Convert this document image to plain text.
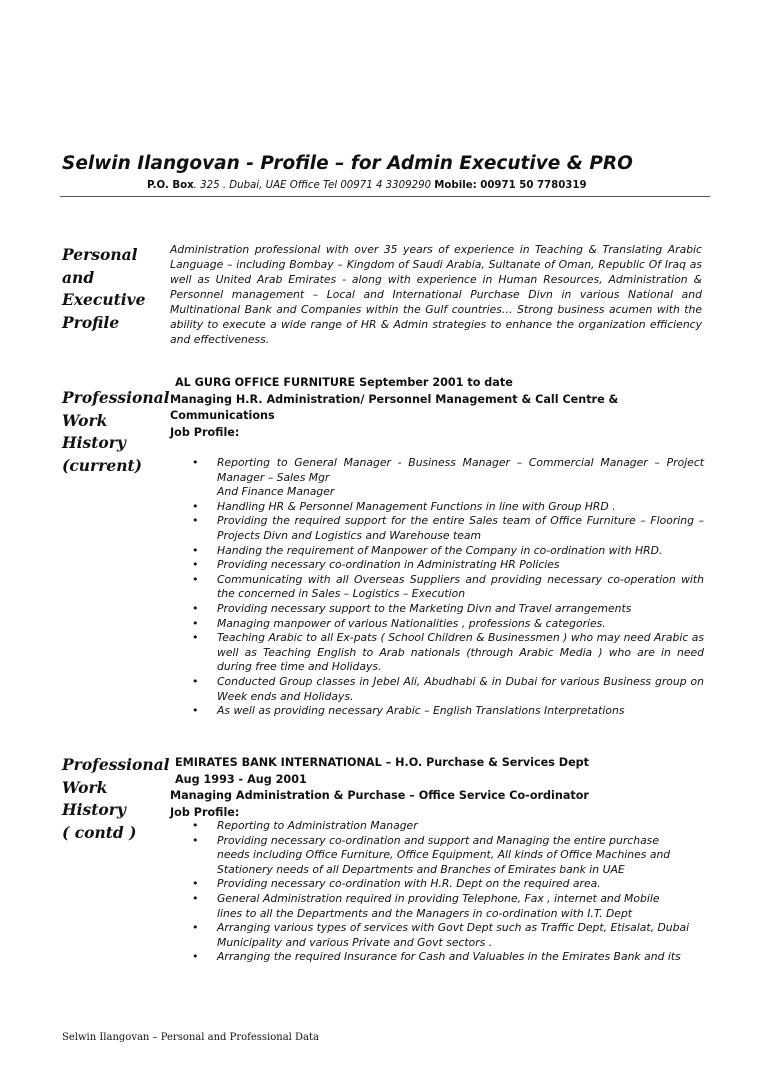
Selwin Ilangovan - Profile – for Admin Executive & PRO
P.O. Box. 325 . Dubai, UAE Office Tel 00971 4 3309290 Mobile: 00971 50 7780319
Personal
and
Executive
Profile
Administration professional with over 35 years of experience in Teaching & Translating Arabic Language – including Bombay – Kingdom of Saudi Arabia, Sultanate of Oman, Republic Of Iraq as well as United Arab Emirates - along with experience in Human Resources, Administration & Personnel management – Local and International Purchase Divn in various National and Multinational Bank and Companies within the Gulf countries… Strong business acumen with the ability to execute a wide range of HR & Admin strategies to enhance the organization efficiency and effectiveness.
Professional
Work
History
(current)
AL GURG OFFICE FURNITURE September 2001 to date
Managing H.R. Administration/ Personnel Management & Call Centre &
Communications
Job Profile:
• Reporting to General Manager - Business Manager – Commercial Manager – Project Manager – Sales Mgr
And Finance Manager
• Handling HR & Personnel Management Functions in line with Group HRD .
• Providing the required support for the entire Sales team of Office Furniture – Flooring – Projects Divn and Logistics and Warehouse team
• Handing the requirement of Manpower of the Company in co-ordination with HRD.
• Providing necessary co-ordination in Administrating HR Policies
• Communicating with all Overseas Suppliers and providing necessary co-operation with the concerned in Sales – Logistics – Execution
• Providing necessary support to the Marketing Divn and Travel arrangements
• Managing manpower of various Nationalities , professions & categories.
• Teaching Arabic to all Ex-pats ( School Children & Businessmen ) who may need Arabic as well as Teaching English to Arab nationals (through Arabic Media ) who are in need during free time and Holidays.
• Conducted Group classes in Jebel Ali, Abudhabi & in Dubai for various Business group on Week ends and Holidays.
• As well as providing necessary Arabic – English Translations Interpretations
Professional
Work
History
( contd )
EMIRATES BANK INTERNATIONAL – H.O. Purchase & Services Dept
Aug 1993 - Aug 2001
Managing Administration & Purchase – Office Service Co-ordinator
Job Profile:
• Reporting to Administration Manager
• Providing necessary co-ordination and support and Managing the entire purchase
needs including Office Furniture, Office Equipment, All kinds of Office Machines and
Stationery needs of all Departments and Branches of Emirates bank in UAE
• Providing necessary co-ordination with H.R. Dept on the required area.
• General Administration required in providing Telephone, Fax , internet and Mobile
lines to all the Departments and the Managers in co-ordination with I.T. Dept
• Arranging various types of services with Govt Dept such as Traffic Dept, Etisalat, Dubai
Municipality and various Private and Govt sectors .
• Arranging the required Insurance for Cash and Valuables in the Emirates Bank and its
Selwin Ilangovan – Personal and Professional Data
